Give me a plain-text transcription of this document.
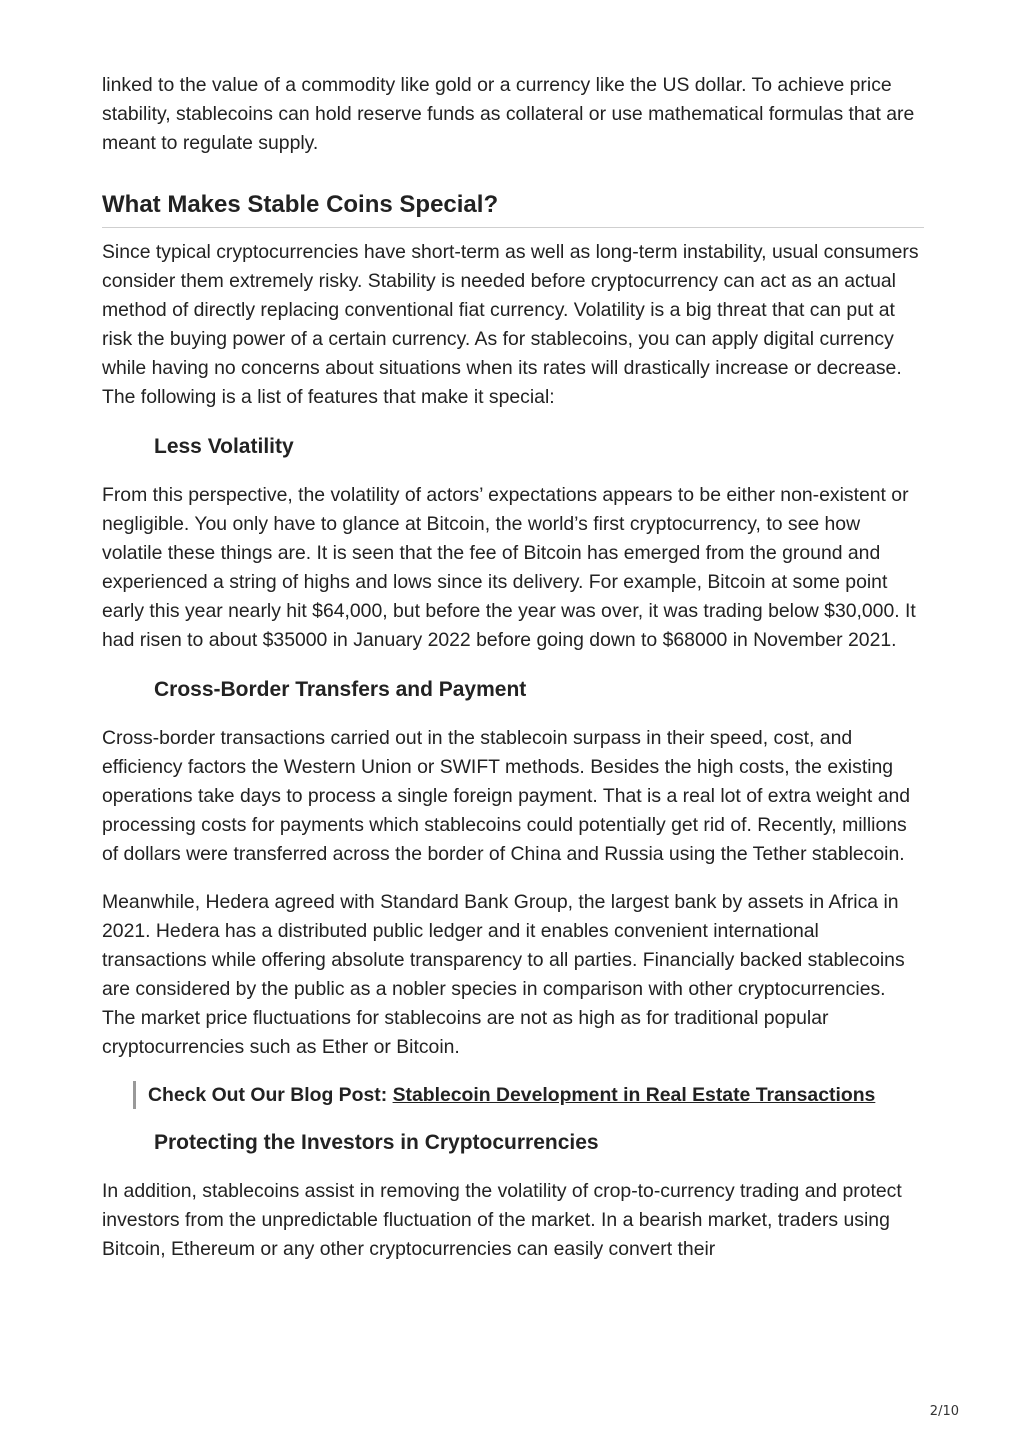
linked to the value of a commodity like gold or a currency like the US dollar. To achieve price stability, stablecoins can hold reserve funds as collateral or use mathematical formulas that are meant to regulate supply.

What Makes Stable Coins Special?

Since typical cryptocurrencies have short-term as well as long-term instability, usual consumers consider them extremely risky. Stability is needed before cryptocurrency can act as an actual method of directly replacing conventional fiat currency. Volatility is a big threat that can put at risk the buying power of a certain currency. As for stablecoins, you can apply digital currency while having no concerns about situations when its rates will drastically increase or decrease. The following is a list of features that make it special:

Less Volatility

From this perspective, the volatility of actors’ expectations appears to be either non-existent or negligible. You only have to glance at Bitcoin, the world’s first cryptocurrency, to see how volatile these things are. It is seen that the fee of Bitcoin has emerged from the ground and experienced a string of highs and lows since its delivery. For example, Bitcoin at some point early this year nearly hit $64,000, but before the year was over, it was trading below $30,000. It had risen to about $35000 in January 2022 before going down to $68000 in November 2021.

Cross-Border Transfers and Payment

Cross-border transactions carried out in the stablecoin surpass in their speed, cost, and efficiency factors the Western Union or SWIFT methods. Besides the high costs, the existing operations take days to process a single foreign payment. That is a real lot of extra weight and processing costs for payments which stablecoins could potentially get rid of. Recently, millions of dollars were transferred across the border of China and Russia using the Tether stablecoin.

Meanwhile, Hedera agreed with Standard Bank Group, the largest bank by assets in Africa in 2021. Hedera has a distributed public ledger and it enables convenient international transactions while offering absolute transparency to all parties. Financially backed stablecoins are considered by the public as a nobler species in comparison with other cryptocurrencies. The market price fluctuations for stablecoins are not as high as for traditional popular cryptocurrencies such as Ether or Bitcoin.

Check Out Our Blog Post: Stablecoin Development in Real Estate Transactions
Protecting the Investors in Cryptocurrencies

In addition, stablecoins assist in removing the volatility of crop-to-currency trading and protect investors from the unpredictable fluctuation of the market. In a bearish market, traders using Bitcoin, Ethereum or any other cryptocurrencies can easily convert their

2/10
